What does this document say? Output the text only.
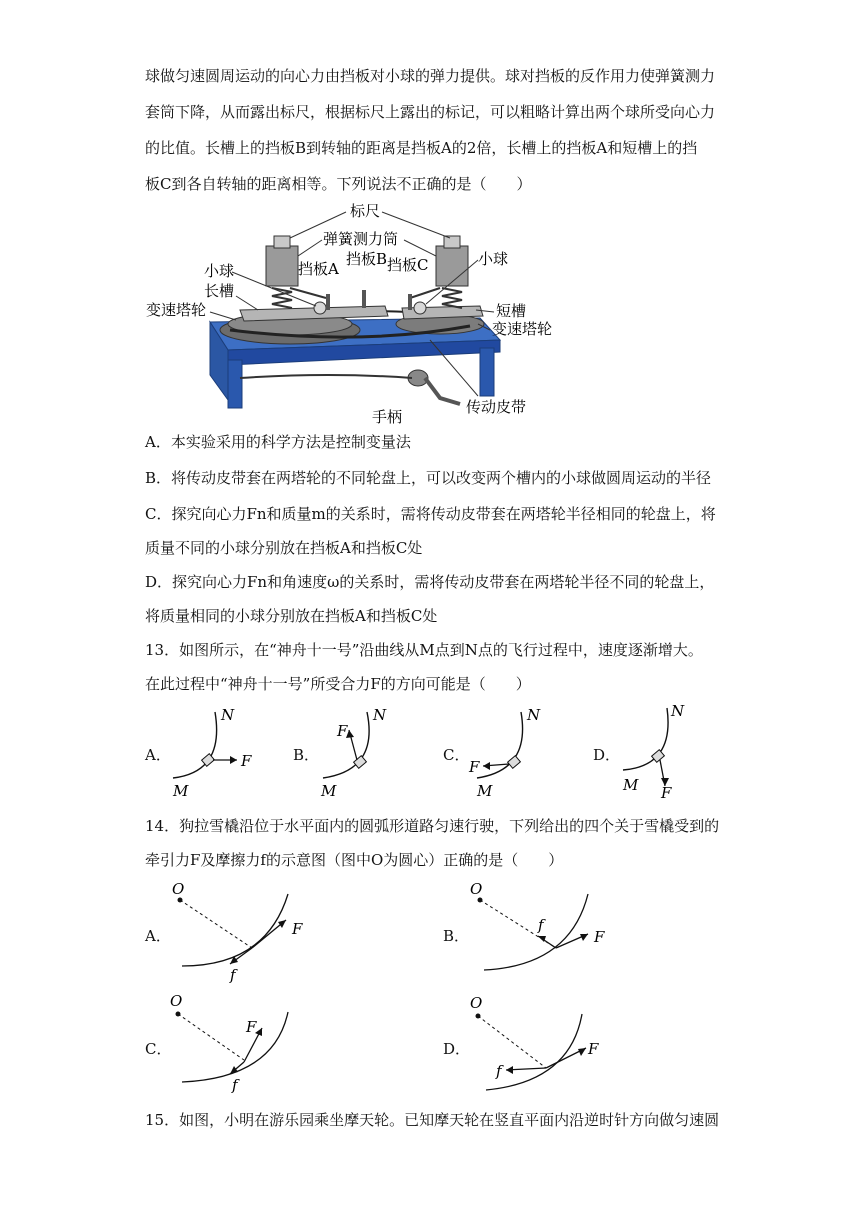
球做匀速圆周运动的向心力由挡板对小球的弹力提供。球对挡板的反作用力使弹簧测力
套筒下降，从而露出标尺，根据标尺上露出的标记，可以粗略计算出两个球所受向心力
的比值。长槽上的挡板B到转轴的距离是挡板A的2倍，长槽上的挡板A和短槽上的挡
板C到各自转轴的距离相等。下列说法不正确的是（　　）
标尺
弹簧测力筒
挡板A
挡板B 挡板C
小球
小球
长槽
变速塔轮	短槽
变速塔轮
手柄
传动皮带
A．本实验采用的科学方法是控制变量法
B．将传动皮带套在两塔轮的不同轮盘上，可以改变两个槽内的小球做圆周运动的半径
C．探究向心力Fn和质量m的关系时，需将传动皮带套在两塔轮半径相同的轮盘上，将
质量不同的小球分别放在挡板A和挡板C处
D．探究向心力Fn和角速度ω的关系时，需将传动皮带套在两塔轮半径不同的轮盘上，
将质量相同的小球分别放在挡板A和挡板C处
13．如图所示，在“神舟十一号”沿曲线从M点到N点的飞行过程中，速度逐渐增大。
在此过程中“神舟十一号”所受合力F的方向可能是（　　）
A．
N
M
F	B．
N
M
F
C．
N
M
F
D．
N
M F
14．狗拉雪橇沿位于水平面内的圆弧形道路匀速行驶，下列给出的四个关于雪橇受到的
牵引力F及摩擦力f的示意图（图中O为圆心）正确的是（　　）
A．
O
F
f
B．
O
F
f
C．
O
F
f
D．
O
F
f
15．如图，小明在游乐园乘坐摩天轮。已知摩天轮在竖直平面内沿逆时针方向做匀速圆
